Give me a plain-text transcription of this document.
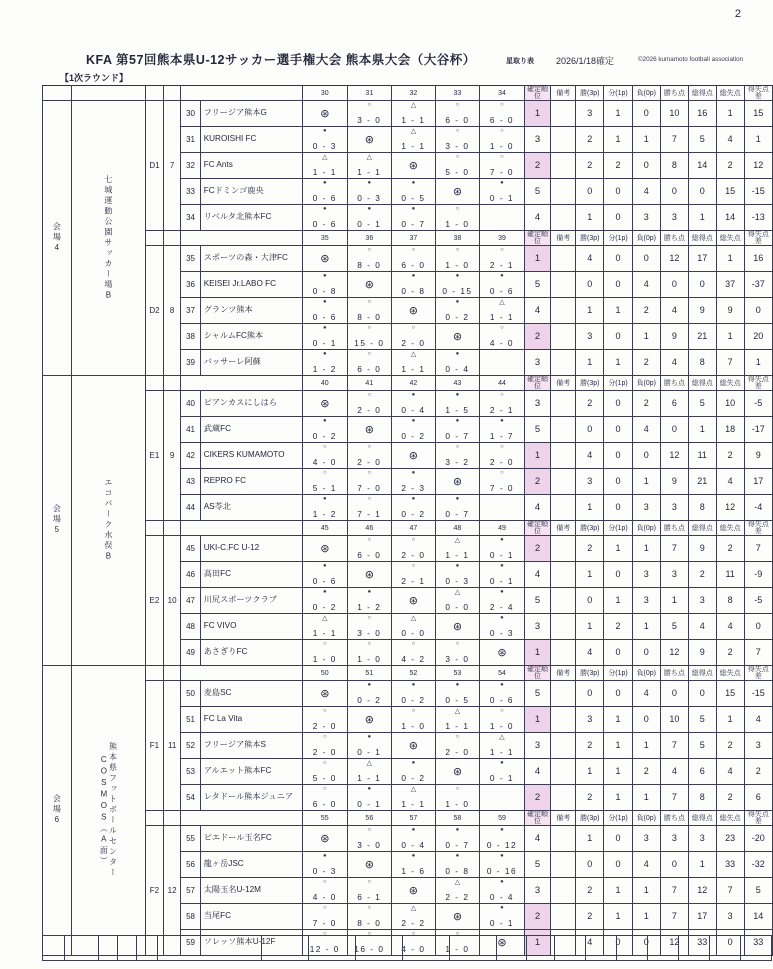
2
KFA 第57回熊本県U-12サッカー選手権大会 熊本県大会（大谷杯）	星取り表 2026/1/18確定	©2026 kumamoto football association
【1次ラウンド】
						30	31	32	33	34	確定順位	備考	勝(3p)	分(1p)	負(0p)	勝ち点	総得点	総失点	得失点差

会場4	七城運動公園サッカー場B	D1	7	30	フリージア熊本G	⊛	○
3 - 0	△
1 - 1	○
6 - 0	○
6 - 0	1		3	1	0	10	16	1	15
				31	KUROISHI FC	●
0 - 3	⊛	△
1 - 1	○
3 - 0	○
1 - 0	3		2	1	1	7	5	4	1
				32	FC Ants	△
1 - 1	△
1 - 1	⊛	○
5 - 0	○
7 - 0	2		2	2	0	8	14	2	12
				33	FCドミンゴ鹿央	●
0 - 6	●
0 - 3	●
0 - 5	⊛	●
0 - 1	5		0	0	4	0	0	15	-15
				34	リベルタ北熊本FC	●
0 - 6	●
0 - 1	●
0 - 7	○
1 - 0		4		1	0	3	3	1	14	-13
						35	36	37	38	39	確定順位	備考	勝(3p)	分(1p)	負(0p)	勝ち点	総得点	総失点	得失点差
		D2	8	35	スポーツの森・大津FC	⊛	○
8 - 0	○
6 - 0	○
1 - 0	○
2 - 1	1		4	0	0	12	17	1	16
				36	KEISEI Jr.LABO FC	●
0 - 8	⊛	●
0 - 8	●
0 - 15	●
0 - 6	5		0	0	4	0	0	37	-37
				37	グランツ熊本	●
0 - 6	○
8 - 0	⊛	●
0 - 2	△
1 - 1	4		1	1	2	4	9	9	0
				38	シャルムFC熊本	●
0 - 1	○
15 - 0	○
2 - 0	⊛	○
4 - 0	2		3	0	1	9	21	1	20
				39	バッサーレ阿蘇	●
1 - 2	○
6 - 0	△
1 - 1	●
0 - 4		3		1	1	2	4	8	7	1

会場5	エコパーク水俣B					40	41	42	43	44	確定順位	備考	勝(3p)	分(1p)	負(0p)	勝ち点	総得点	総失点	得失点差
		E1	9	40	ピアンカスにしはら	⊛	○
2 - 0	●
0 - 4	●
1 - 5	○
2 - 1	3		2	0	2	6	5	10	-5
				41	武蔵FC	●
0 - 2	⊛	●
0 - 2	●
0 - 7	●
1 - 7	5		0	0	4	0	1	18	-17
				42	CIKERS KUMAMOTO	○
4 - 0	○
2 - 0	⊛	○
3 - 2	○
2 - 0	1		4	0	0	12	11	2	9
				43	REPRO FC	○
5 - 1	○
7 - 0	●
2 - 3	⊛	○
7 - 0	2		3	0	1	9	21	4	17
				44	AS苓北	●
1 - 2	○
7 - 1	●
0 - 2	●
0 - 7		4		1	0	3	3	8	12	-4
						45	46	47	48	49	確定順位	備考	勝(3p)	分(1p)	負(0p)	勝ち点	総得点	総失点	得失点差
		E2	10	45	UKI-C.FC U-12	⊛	○
6 - 0	○
2 - 0	△
1 - 1	●
0 - 1	2		2	1	1	7	9	2	7
				46	高田FC	●
0 - 6	⊛	○
2 - 1	●
0 - 3	●
0 - 1	4		1	0	3	3	2	11	-9
				47	川尻スポーツクラブ	●
0 - 2	●
1 - 2	⊛	△
0 - 0	●
2 - 4	5		0	1	3	1	3	8	-5
				48	FC VIVO	△
1 - 1	○
3 - 0	△
0 - 0	⊛	●
0 - 3	3		1	2	1	5	4	4	0
				49	あさぎりFC	○
1 - 0	○
1 - 0	○
4 - 2	○
3 - 0	⊛	1		4	0	0	12	9	2	7

会場6	熊本県フットボールセンター
COSMOS（A面）					50	51	52	53	54	確定順位	備考	勝(3p)	分(1p)	負(0p)	勝ち点	総得点	総失点	得失点差
		F1	11	50	麦島SC	⊛	●
0 - 2	●
0 - 2	●
0 - 5	●
0 - 6	5		0	0	4	0	0	15	-15
				51	FC La Vita	○
2 - 0	⊛	○
1 - 0	△
1 - 1	○
1 - 0	1		3	1	0	10	5	1	4
				52	フリージア熊本S	○
2 - 0	●
0 - 1	⊛	○
2 - 0	△
1 - 1	3		2	1	1	7	5	2	3
				53	アルエット熊本FC	○
5 - 0	△
1 - 1	●
0 - 2	⊛	●
0 - 1	4		1	1	2	4	6	4	2
				54	レタドール熊本ジュニア	○
6 - 0	●
0 - 1	△
1 - 1	○
1 - 0		2		2	1	1	7	8	2	6
						55	56	57	58	59	確定順位	備考	勝(3p)	分(1p)	負(0p)	勝ち点	総得点	総失点	得失点差
		F2	12	55	ピエドール玉名FC	⊛	○
3 - 0	●
0 - 4	●
0 - 7	●
0 - 12	4		1	0	3	3	3	23	-20
				56	龍ヶ岳JSC	●
0 - 3	⊛	●
1 - 6	●
0 - 8	●
0 - 16	5		0	0	4	0	1	33	-32
				57	太陽玉名U-12M	○
4 - 0	○
6 - 1	⊛	△
2 - 2	●
0 - 4	3		2	1	1	7	12	7	5
				58	当尾FC	○
7 - 0	○
8 - 0	△
2 - 2	⊛	●
0 - 1	2		2	1	1	7	17	3	14
				59	ソレッソ熊本U-12F	○
12 - 0	○
16 - 0	○
4 - 0	○
1 - 0	⊛	1		4	0	0	12	33	0	33
